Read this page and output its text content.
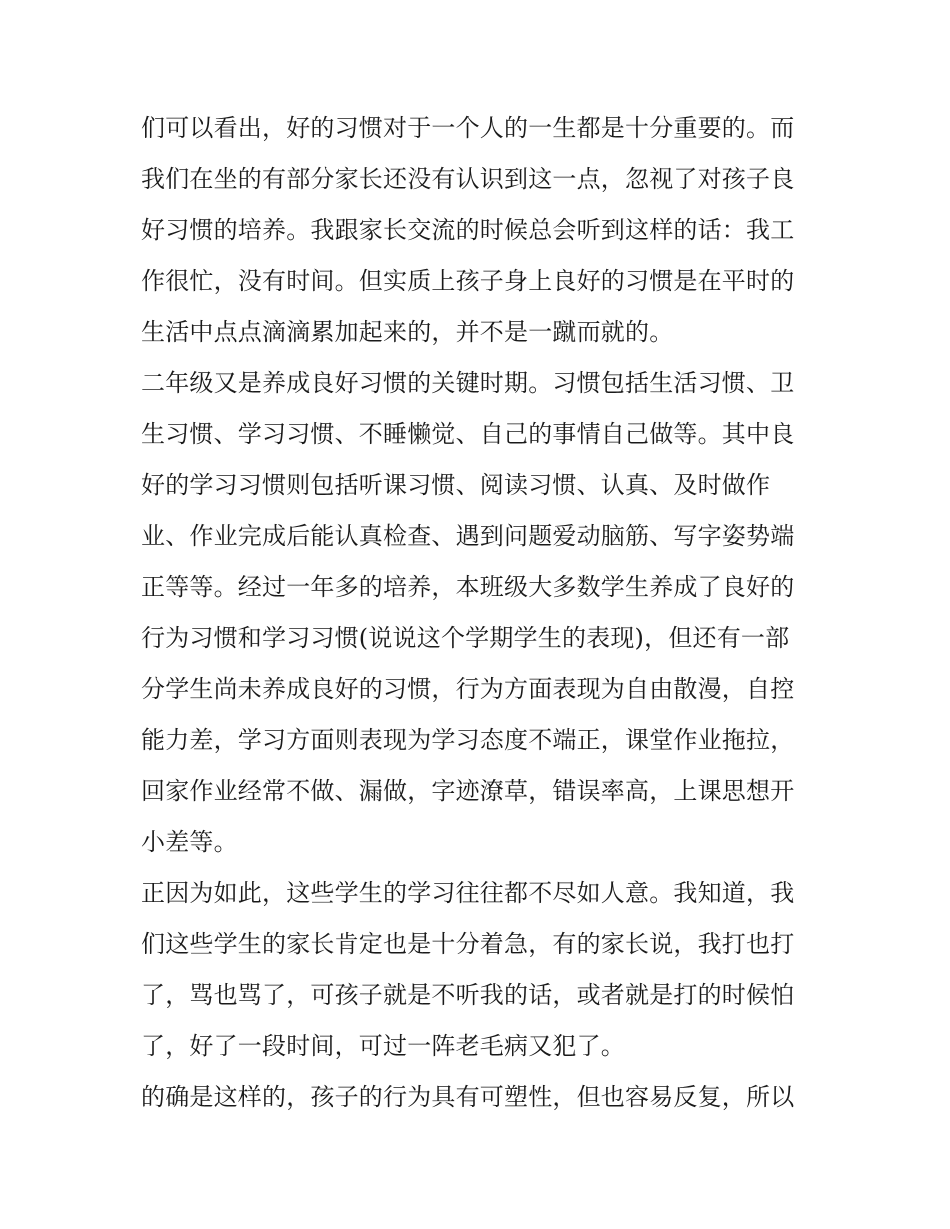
们可以看出，好的习惯对于一个人的一生都是十分重要的。而
我们在坐的有部分家长还没有认识到这一点，忽视了对孩子良
好习惯的培养。我跟家长交流的时候总会听到这样的话：我工
作很忙，没有时间。但实质上孩子身上良好的习惯是在平时的
生活中点点滴滴累加起来的，并不是一蹴而就的。
二年级又是养成良好习惯的关键时期。习惯包括生活习惯、卫
生习惯、学习习惯、不睡懒觉、自己的事情自己做等。其中良
好的学习习惯则包括听课习惯、阅读习惯、认真、及时做作
业、作业完成后能认真检查、遇到问题爱动脑筋、写字姿势端
正等等。经过一年多的培养，本班级大多数学生养成了良好的
行为习惯和学习习惯(说说这个学期学生的表现)，但还有一部
分学生尚未养成良好的习惯，行为方面表现为自由散漫，自控
能力差，学习方面则表现为学习态度不端正，课堂作业拖拉，
回家作业经常不做、漏做，字迹潦草，错误率高，上课思想开
小差等。
正因为如此，这些学生的学习往往都不尽如人意。我知道，我
们这些学生的家长肯定也是十分着急，有的家长说，我打也打
了，骂也骂了，可孩子就是不听我的话，或者就是打的时候怕
了，好了一段时间，可过一阵老毛病又犯了。
的确是这样的，孩子的行为具有可塑性，但也容易反复，所以
